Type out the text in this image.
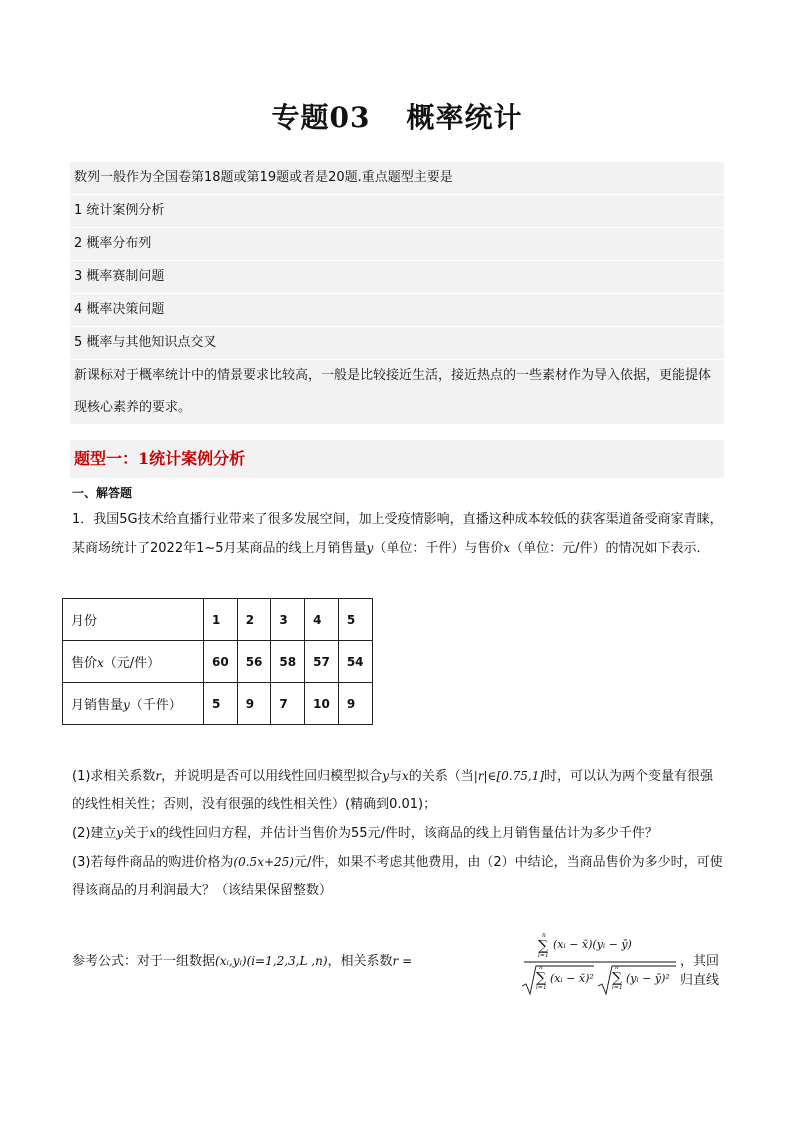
专题03 概率统计
数列一般作为全国卷第18题或第19题或者是20题.重点题型主要是
1 统计案例分析
2 概率分布列
3 概率赛制问题
4 概率决策问题
5 概率与其他知识点交叉
新课标对于概率统计中的情景要求比较高，一般是比较接近生活，接近热点的一些素材作为导入依据，更能提体现核心素养的要求。
题型一：1统计案例分析
一、解答题
1．我国5G技术给直播行业带来了很多发展空间，加上受疫情影响，直播这种成本较低的获客渠道备受商家青睐，某商场统计了2022年1~5月某商品的线上月销售量y（单位：千件）与售价x（单位：元/件）的情况如下表示．
月份	1	2	3	4	5
售价x（元/件）	60	56	58	57	54
月销售量y（千件）	5	9	7	10	9
(1)求相关系数r，并说明是否可以用线性回归模型拟合y与x的关系（当|r|∈[0.75,1]时，可以认为两个变量有很强的线性相关性；否则，没有很强的线性相关性）(精确到0.01)；
(2)建立y关于x的线性回归方程，并估计当售价为55元/件时，该商品的线上月销售量估计为多少千件？
(3)若每件商品的购进价格为(0.5x+25)元/件，如果不考虑其他费用，由（2）中结论，当商品售价为多少时，可使得该商品的月利润最大？（该结果保留整数）
参考公式：对于一组数据(xᵢ,yᵢ)(i=1,2,3,L ,n)，相关系数r =
n
∑
i=1
(xᵢ − x̄)(yᵢ − ȳ)
n
∑
i=1
(xᵢ − x̄)²
n
∑
i=1
(yᵢ − ȳ)²
，其回归直线
